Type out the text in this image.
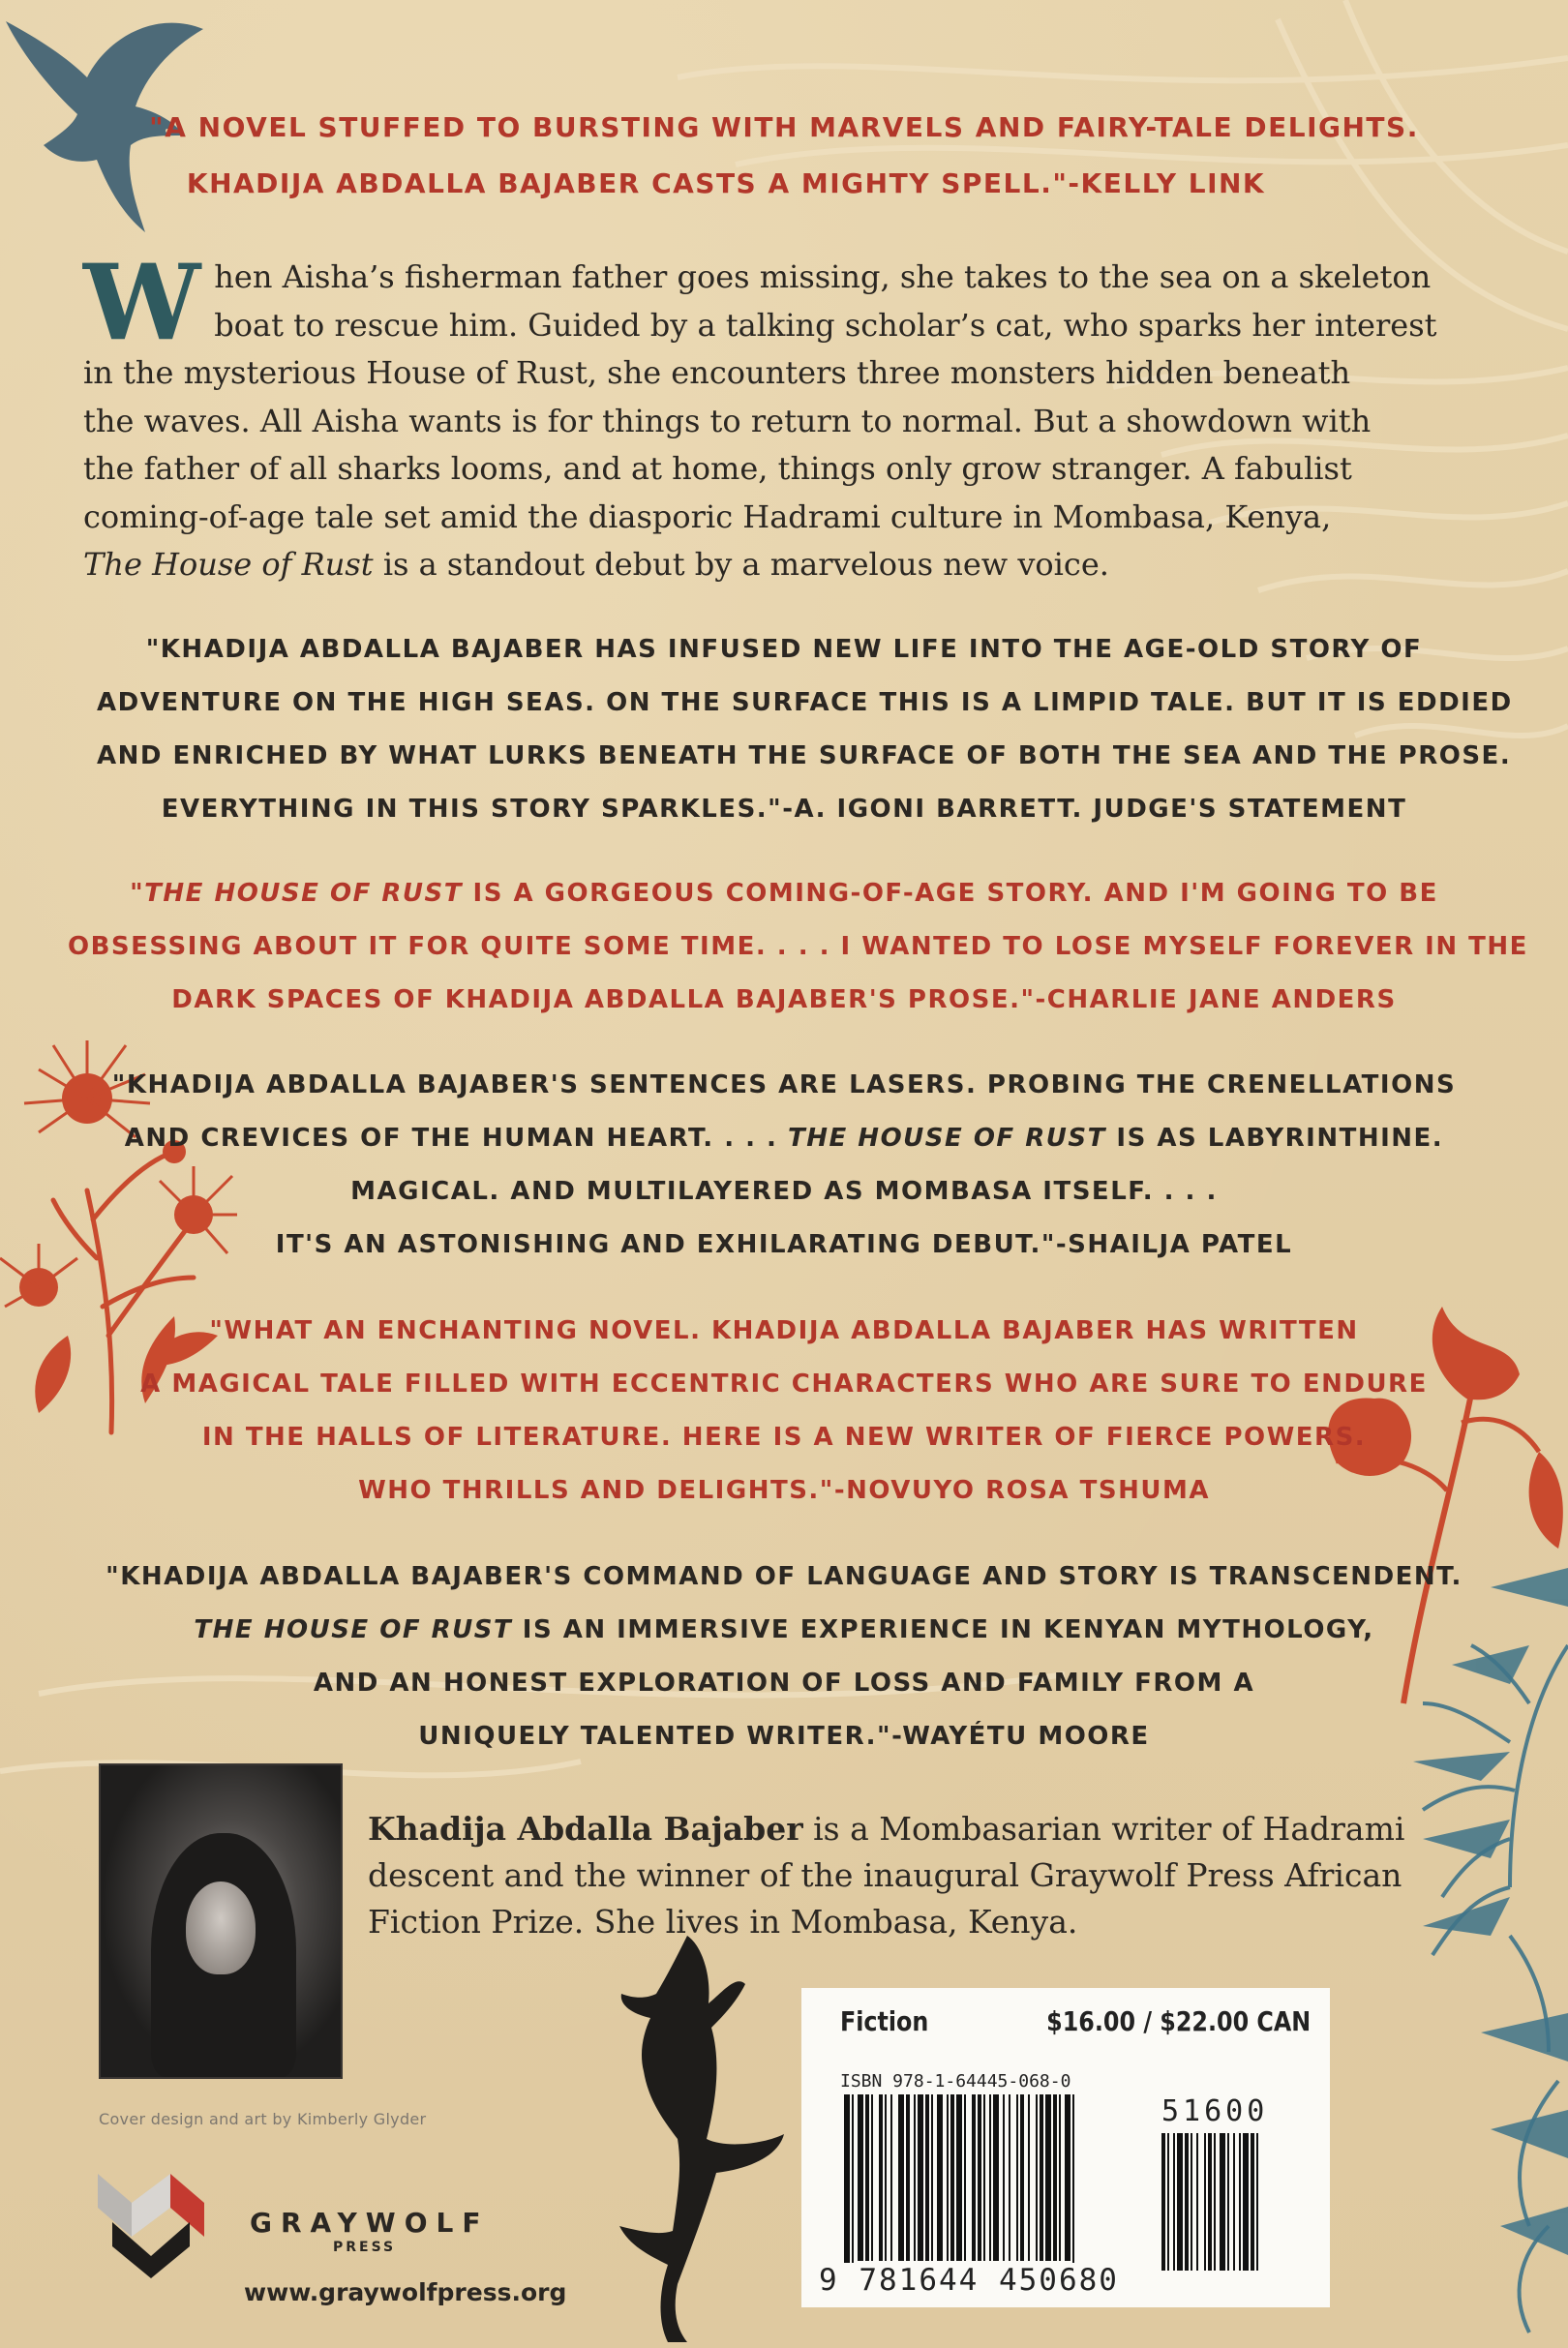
"A NOVEL STUFFED TO BURSTING WITH MARVELS AND FAIRY-TALE DELIGHTS.
KHADIJA ABDALLA BAJABER CASTS A MIGHTY SPELL."-KELLY LINK
W hen Aisha’s fisherman father goes missing, she takes to the sea on a skeleton
boat to rescue him. Guided by a talking scholar’s cat, who sparks her interest
in the mysterious House of Rust, she encounters three monsters hidden beneath
the waves. All Aisha wants is for things to return to normal. But a showdown with
the father of all sharks looms, and at home, things only grow stranger. A fabulist
coming-of-age tale set amid the diasporic Hadrami culture in Mombasa, Kenya,
The House of Rust is a standout debut by a marvelous new voice.
"KHADIJA ABDALLA BAJABER HAS INFUSED NEW LIFE INTO THE AGE-OLD STORY OF
ADVENTURE ON THE HIGH SEAS. ON THE SURFACE THIS IS A LIMPID TALE. BUT IT IS EDDIED
AND ENRICHED BY WHAT LURKS BENEATH THE SURFACE OF BOTH THE SEA AND THE PROSE.
EVERYTHING IN THIS STORY SPARKLES."-A. IGONI BARRETT. JUDGE'S STATEMENT
"THE HOUSE OF RUST IS A GORGEOUS COMING-OF-AGE STORY. AND I'M GOING TO BE
OBSESSING ABOUT IT FOR QUITE SOME TIME. . . . I WANTED TO LOSE MYSELF FOREVER IN THE
DARK SPACES OF KHADIJA ABDALLA BAJABER'S PROSE."-CHARLIE JANE ANDERS
"KHADIJA ABDALLA BAJABER'S SENTENCES ARE LASERS. PROBING THE CRENELLATIONS
AND CREVICES OF THE HUMAN HEART. . . . THE HOUSE OF RUST IS AS LABYRINTHINE.
MAGICAL. AND MULTILAYERED AS MOMBASA ITSELF. . . .
IT'S AN ASTONISHING AND EXHILARATING DEBUT."-SHAILJA PATEL
"WHAT AN ENCHANTING NOVEL. KHADIJA ABDALLA BAJABER HAS WRITTEN
A MAGICAL TALE FILLED WITH ECCENTRIC CHARACTERS WHO ARE SURE TO ENDURE
IN THE HALLS OF LITERATURE. HERE IS A NEW WRITER OF FIERCE POWERS.
WHO THRILLS AND DELIGHTS."-NOVUYO ROSA TSHUMA
"KHADIJA ABDALLA BAJABER'S COMMAND OF LANGUAGE AND STORY IS TRANSCENDENT.
THE HOUSE OF RUST IS AN IMMERSIVE EXPERIENCE IN KENYAN MYTHOLOGY,
AND AN HONEST EXPLORATION OF LOSS AND FAMILY FROM A
UNIQUELY TALENTED WRITER."-WAYÉTU MOORE
Khadija Abdalla Bajaber is a Mombasarian writer of Hadrami
descent and the winner of the inaugural Graywolf Press African
Fiction Prize. She lives in Mombasa, Kenya.
Cover design and art by Kimberly Glyder
GRAYWOLF
PRESS
www.graywolfpress.org
Fiction	$16.00 / $22.00 CAN
ISBN 978-1-64445-068-0
51600
9 781644 450680
